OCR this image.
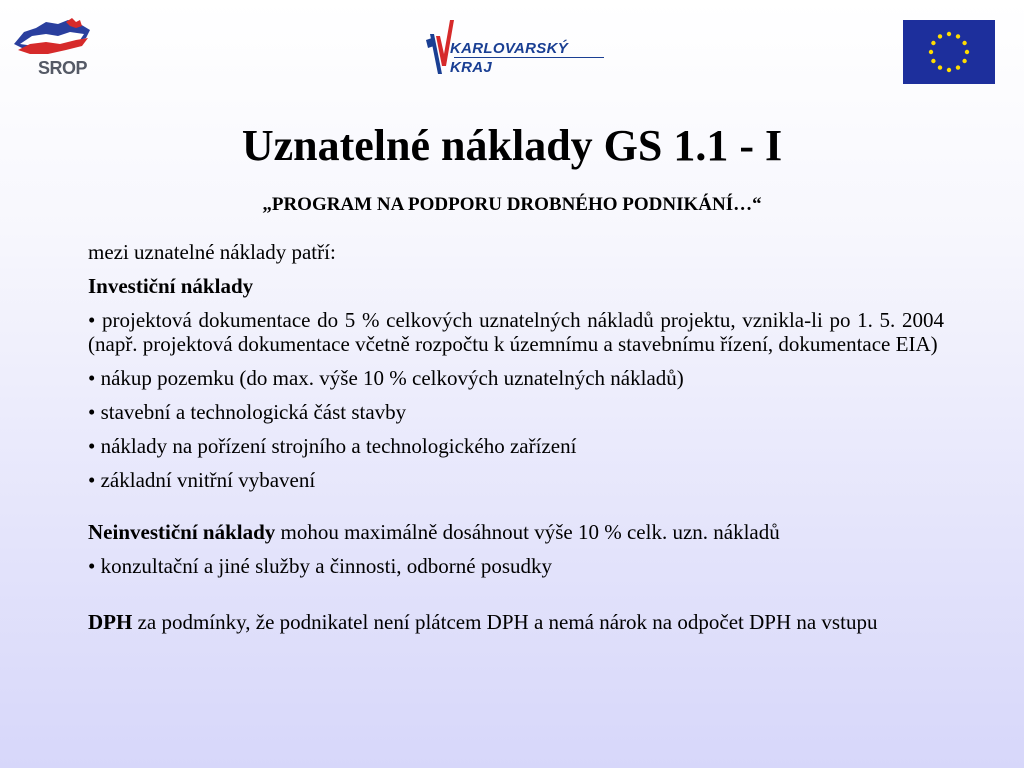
SROP
KARLOVARSKÝ
KRAJ
Uznatelné náklady GS 1.1 - I

„PROGRAM NA PODPORU DROBNÉHO PODNIKÁNÍ…“

mezi uznatelné náklady patří:

Investiční náklady

• projektová dokumentace do 5 % celkových uznatelných nákladů projektu, vznikla-li po 1. 5. 2004 (např. projektová dokumentace včetně rozpočtu k územnímu a stavebnímu řízení, dokumentace EIA)

• nákup pozemku (do max. výše 10 % celkových uznatelných nákladů)

• stavební a technologická část stavby

• náklady na pořízení strojního a technologického zařízení

• základní vnitřní vybavení

Neinvestiční náklady mohou maximálně dosáhnout výše 10 % celk. uzn. nákladů

• konzultační a jiné služby a činnosti, odborné posudky

DPH za podmínky, že podnikatel není plátcem DPH a nemá nárok na odpočet DPH na vstupu
